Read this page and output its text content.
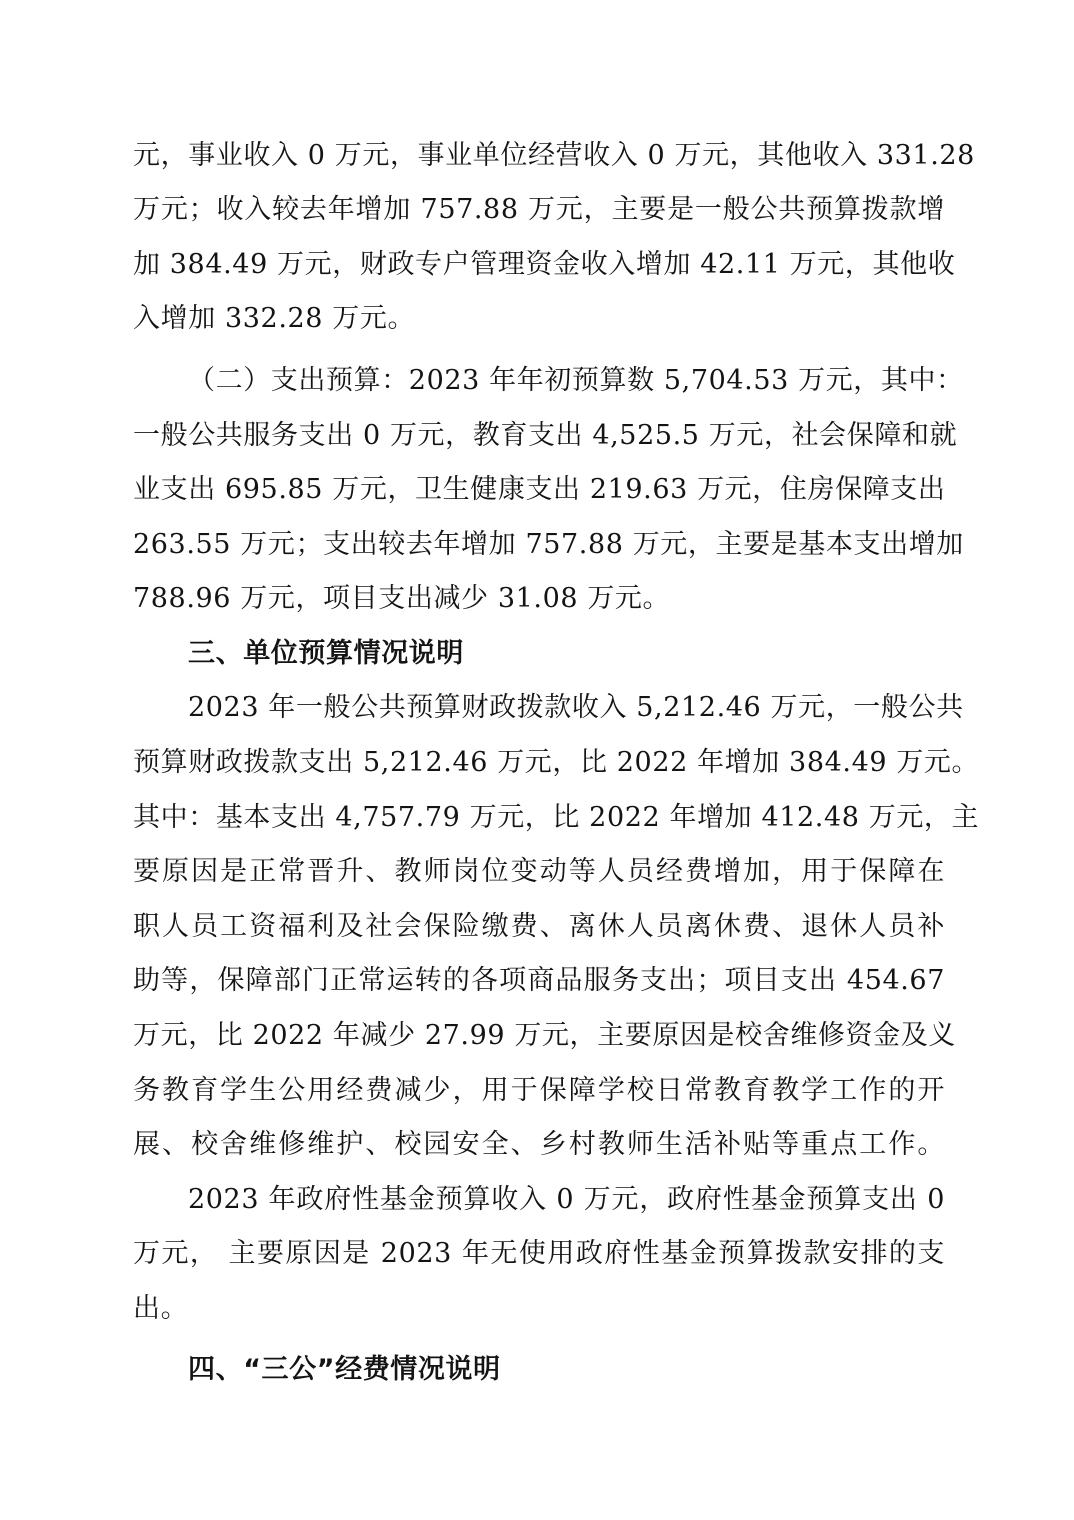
元，事业收入 0 万元，事业单位经营收入 0 万元，其他收入 331.28
万元；收入较去年增加 757.88 万元，主要是一般公共预算拨款增
加 384.49 万元，财政专户管理资金收入增加 42.11 万元，其他收
入增加 332.28 万元。
（二）支出预算：2023 年年初预算数 5,704.53 万元，其中：
一般公共服务支出 0 万元，教育支出 4,525.5 万元，社会保障和就
业支出 695.85 万元，卫生健康支出 219.63 万元，住房保障支出
263.55 万元；支出较去年增加 757.88 万元，主要是基本支出增加
788.96 万元，项目支出减少 31.08 万元。
三、单位预算情况说明
2023 年一般公共预算财政拨款收入 5,212.46 万元，一般公共
预算财政拨款支出 5,212.46 万元，比 2022 年增加 384.49 万元。
其中：基本支出 4,757.79 万元，比 2022 年增加 412.48 万元，主
要原因是正常晋升、教师岗位变动等人员经费增加，用于保障在
职人员工资福利及社会保险缴费、离休人员离休费、退休人员补
助等，保障部门正常运转的各项商品服务支出；项目支出 454.67
万元，比 2022 年减少 27.99 万元，主要原因是校舍维修资金及义
务教育学生公用经费减少，用于保障学校日常教育教学工作的开
展、校舍维修维护、校园安全、乡村教师生活补贴等重点工作。
2023 年政府性基金预算收入 0 万元，政府性基金预算支出 0
万元， 主要原因是 2023 年无使用政府性基金预算拨款安排的支
出。
四、“三公”经费情况说明
